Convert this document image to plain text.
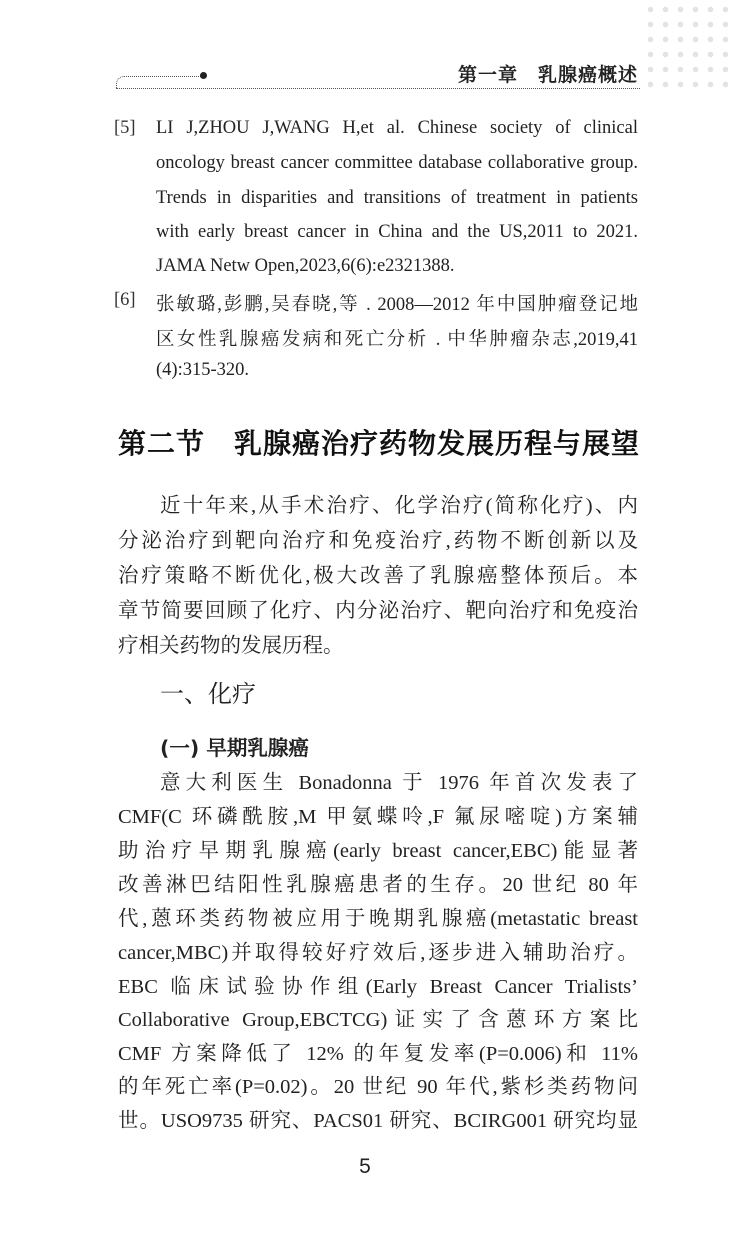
第一章　乳腺癌概述
[5] LI J,ZHOU J,WANG H,et al. Chinese society of clinical
oncology breast cancer committee database collaborative group.
Trends in disparities and transitions of treatment in patients
with early breast cancer in China and the US,2011 to 2021.
JAMA Netw Open,2023,6(6):e2321388.
[6] 张敏璐,彭鹏,吴春晓,等 . 2008—2012 年中国肿瘤登记地
区女性乳腺癌发病和死亡分析 . 中华肿瘤杂志,2019,41
(4):315-320.
第二节　乳腺癌治疗药物发展历程与展望
近十年来,从手术治疗、化学治疗(简称化疗)、内
分泌治疗到靶向治疗和免疫治疗,药物不断创新以及
治疗策略不断优化,极大改善了乳腺癌整体预后。本
章节简要回顾了化疗、内分泌治疗、靶向治疗和免疫治
疗相关药物的发展历程。
一、化疗
(一) 早期乳腺癌
意大利医生 Bonadonna 于 1976 年首次发表了
CMF(C 环磷酰胺,M 甲氨蝶呤,F 氟尿嘧啶)方案辅
助治疗早期乳腺癌(early breast cancer,EBC)能显著
改善淋巴结阳性乳腺癌患者的生存。20 世纪 80 年
代,蒽环类药物被应用于晚期乳腺癌(metastatic breast
cancer,MBC)并取得较好疗效后,逐步进入辅助治疗。
EBC 临床试验协作组(Early Breast Cancer Trialists’
Collaborative Group,EBCTCG)证实了含蒽环方案比
CMF 方案降低了 12% 的年复发率(P=0.006)和 11%
的年死亡率(P=0.02)。20 世纪 90 年代,紫杉类药物问
世。USO9735 研究、PACS01 研究、BCIRG001 研究均显
5
